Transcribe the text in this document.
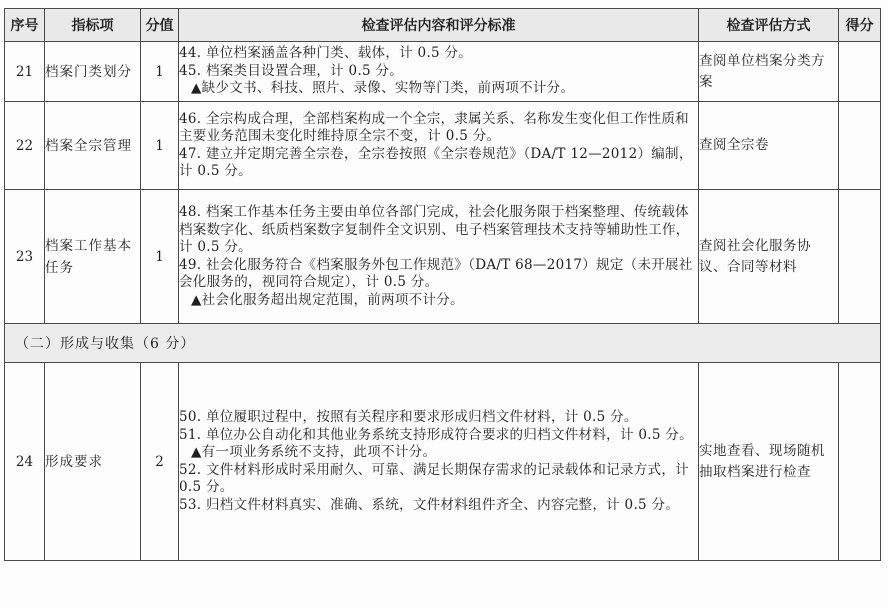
序号	指标项	分值	检查评估内容和评分标准	检查评估方式	得分
21	档案门类划分	1	44. 单位档案涵盖各种门类、载体，计 0.5 分。
45. 档案类目设置合理，计 0.5 分。
▲缺少文书、科技、照片、录像、实物等门类，前两项不计分。	查阅单位档案分类方案	
22	档案全宗管理	1	46. 全宗构成合理，全部档案构成一个全宗，隶属关系、名称发生变化但工作性质和主要业务范围未变化时维持原全宗不变，计 0.5 分。
47. 建立并定期完善全宗卷，全宗卷按照《全宗卷规范》（DA/T 12—2012）编制，计 0.5 分。	查阅全宗卷	
23	档案工作基本任务	1	48. 档案工作基本任务主要由单位各部门完成，社会化服务限于档案整理、传统载体档案数字化、纸质档案数字复制件全文识别、电子档案管理技术支持等辅助性工作，计 0.5 分。
49. 社会化服务符合《档案服务外包工作规范》（DA/T 68—2017）规定（未开展社会化服务的，视同符合规定），计 0.5 分。
▲社会化服务超出规定范围，前两项不计分。	查阅社会化服务协议、合同等材料	
（二）形成与收集（6 分）					
24	形成要求	2	50. 单位履职过程中，按照有关程序和要求形成归档文件材料，计 0.5 分。
51. 单位办公自动化和其他业务系统支持形成符合要求的归档文件材料，计 0.5 分。
▲有一项业务系统不支持，此项不计分。
52. 文件材料形成时采用耐久、可靠、满足长期保存需求的记录载体和记录方式，计 0.5 分。
53. 归档文件材料真实、准确、系统，文件材料组件齐全、内容完整，计 0.5 分。	实地查看、现场随机抽取档案进行检查	
